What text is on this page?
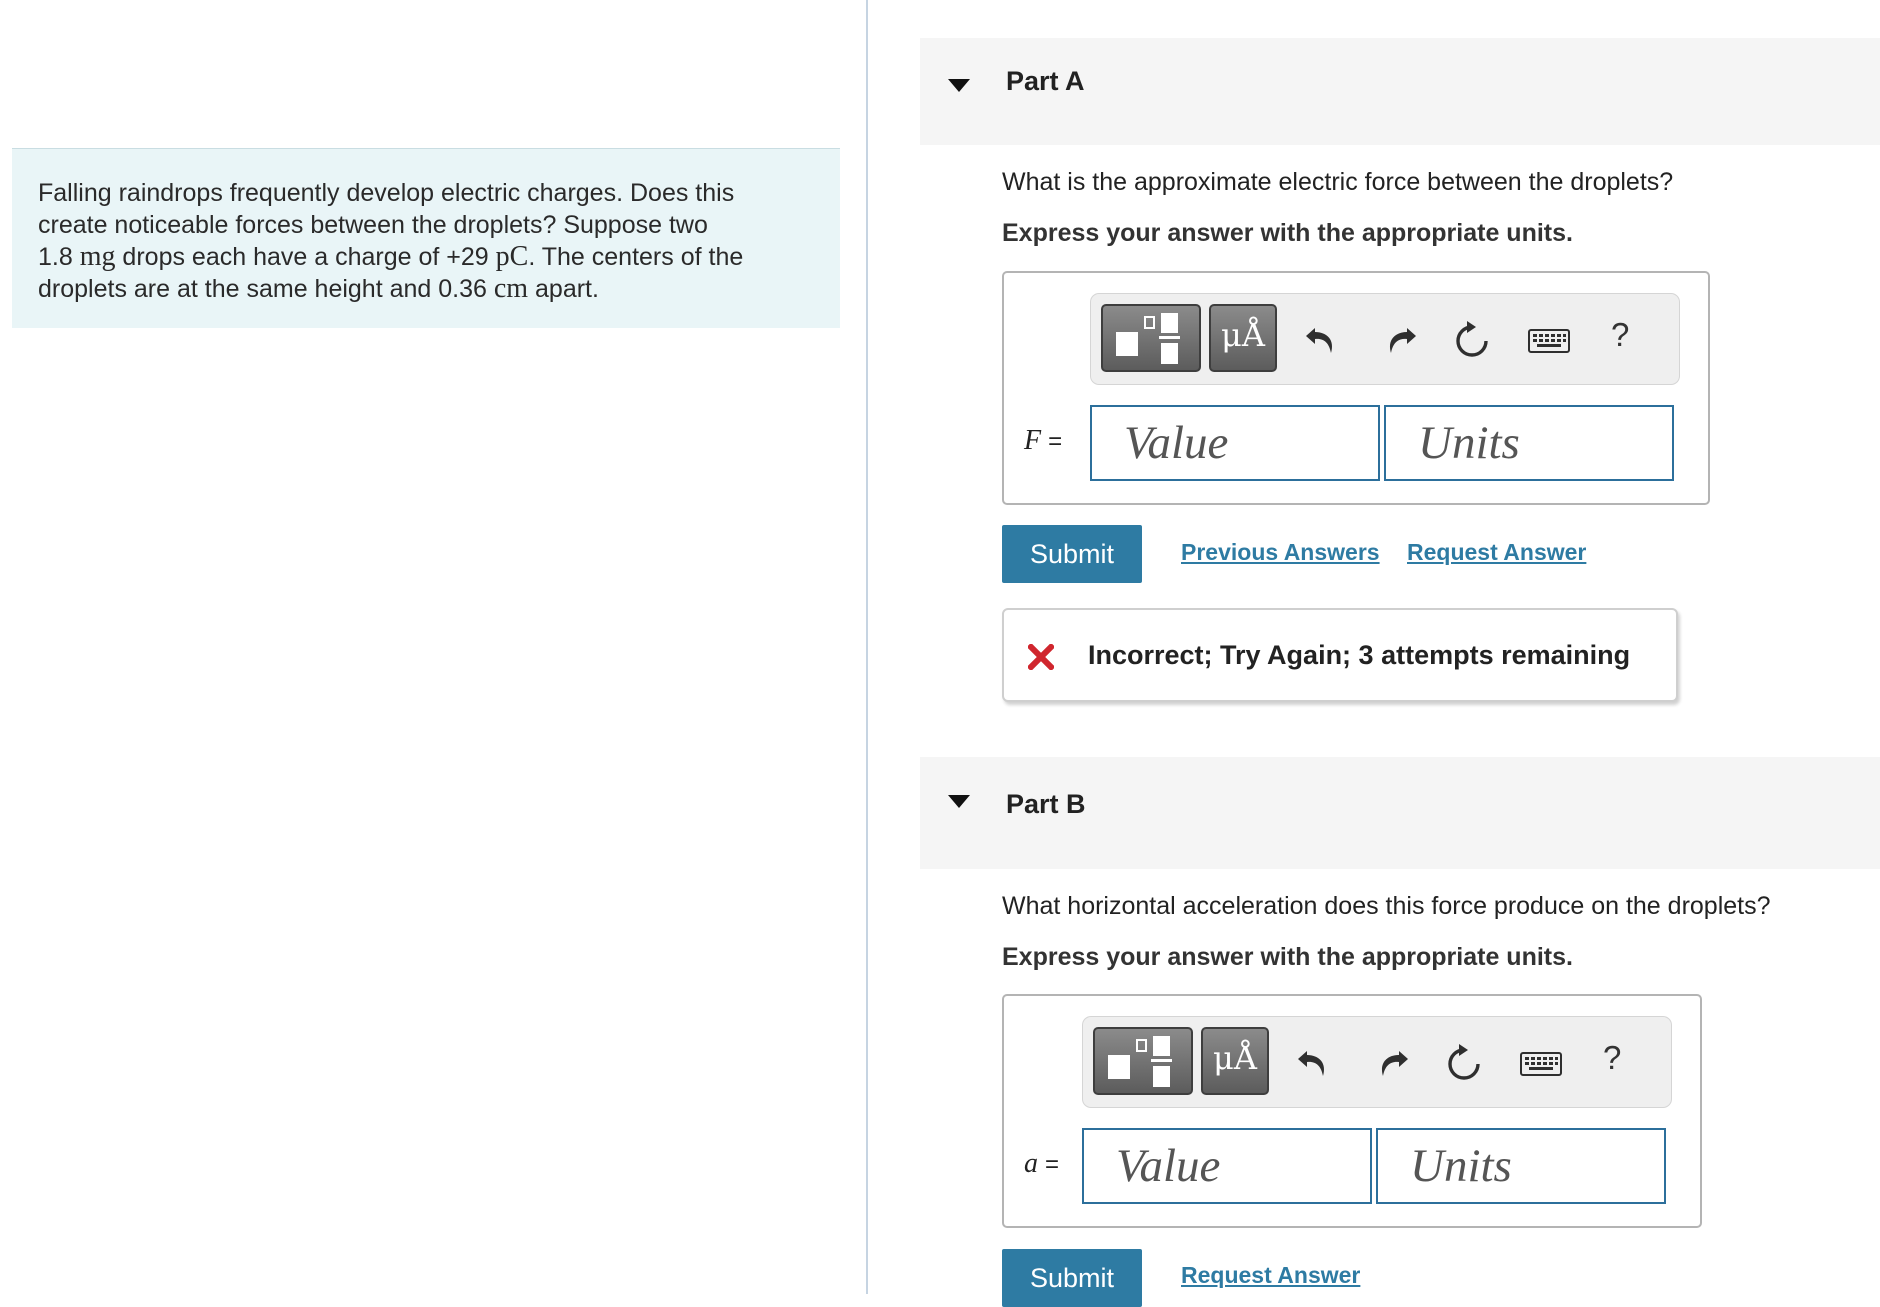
Falling raindrops frequently develop electric charges. Does this
create noticeable forces between the droplets? Suppose two
1.8 mg drops each have a charge of +29 pC. The centers of the
droplets are at the same height and 0.36 cm apart.
Part A
What is the approximate electric force between the droplets?
Express your answer with the appropriate units.
μÅ	?
F =
Value
Units
Submit	Previous Answers Request Answer
Incorrect; Try Again; 3 attempts remaining
Part B
What horizontal acceleration does this force produce on the droplets?
Express your answer with the appropriate units.
μÅ	?
a =
Value
Units
Submit	Request Answer
